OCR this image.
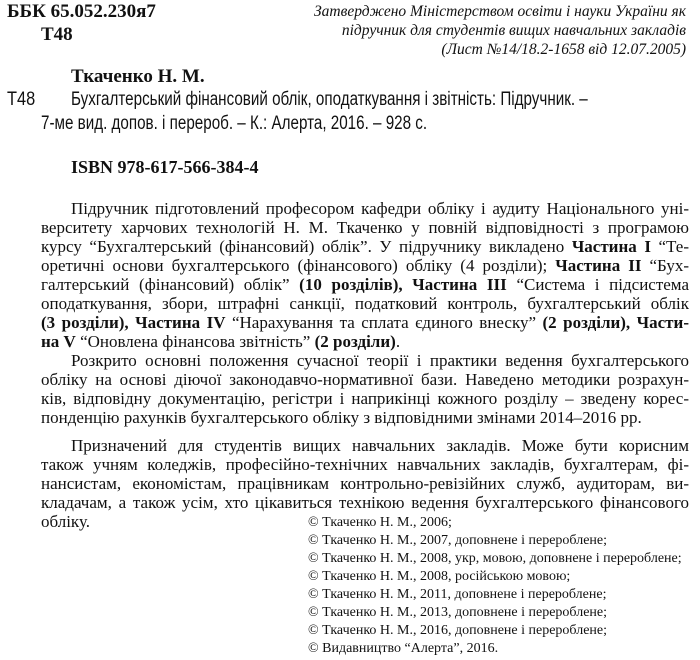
ББК 65.052.230я7
Т48
Затверджено Міністерством освіти і науки України як
підручник для студентів вищих навчальних закладів
(Лист №14/18.2-1658 від 12.07.2005)
Ткаченко Н. М.
Т48 Бухгалтерський фінансовий облік, оподаткування і звітність: Підручник. –
7-ме вид. допов. і перероб. – К.: Алерта, 2016. – 928 с.
ISBN 978-617-566-384-4
Підручник підготовлений професором кафедри обліку і аудиту Національного уні-
верситету харчових технологій Н. М. Ткаченко у повній відповідності з програмою
курсу “Бухгалтерський (фінансовий) облік”. У підручнику викладено Частина І “Те-
оретичні основи бухгалтерського (фінансового) обліку (4 розділи); Частина ІІ “Бух-
галтерський (фінансовий) облік” (10 розділів), Частина ІІІ “Система і підсистема
оподаткування, збори, штрафні санкції, податковий контроль, бухгалтерський облік
(3 розділи), Частина IV “Нарахування та сплата єдиного внеску” (2 розділи), Части-
на V “Оновлена фінансова звітність” (2 розділи).
Розкрито основні положення сучасної теорії і практики ведення бухгалтерського
обліку на основі діючої законодавчо-нормативної бази. Наведено методики розрахун-
ків, відповідну документацію, регістри і наприкінці кожного розділу – зведену корес-
понденцію рахунків бухгалтерського обліку з відповідними змінами 2014–2016 рр.
Призначений для студентів вищих навчальних закладів. Може бути корисним
також учням коледжів, професійно-технічних навчальних закладів, бухгалтерам, фі-
нансистам, економістам, працівникам контрольно-ревізійних служб, аудиторам, ви-
кладачам, а також усім, хто цікавиться технікою ведення бухгалтерського фінансового
обліку.	© Ткаченко Н. М., 2006;
© Ткаченко Н. М., 2007, доповнене і перероблене;
© Ткаченко Н. М., 2008, укр, мовою, доповнене і перероблене;
© Ткаченко Н. М., 2008, російською мовою;
© Ткаченко Н. М., 2011, доповнене і перероблене;
© Ткаченко Н. М., 2013, доповнене і перероблене;
© Ткаченко Н. М., 2016, доповнене і перероблене;
© Видавництво “Алерта”, 2016.
